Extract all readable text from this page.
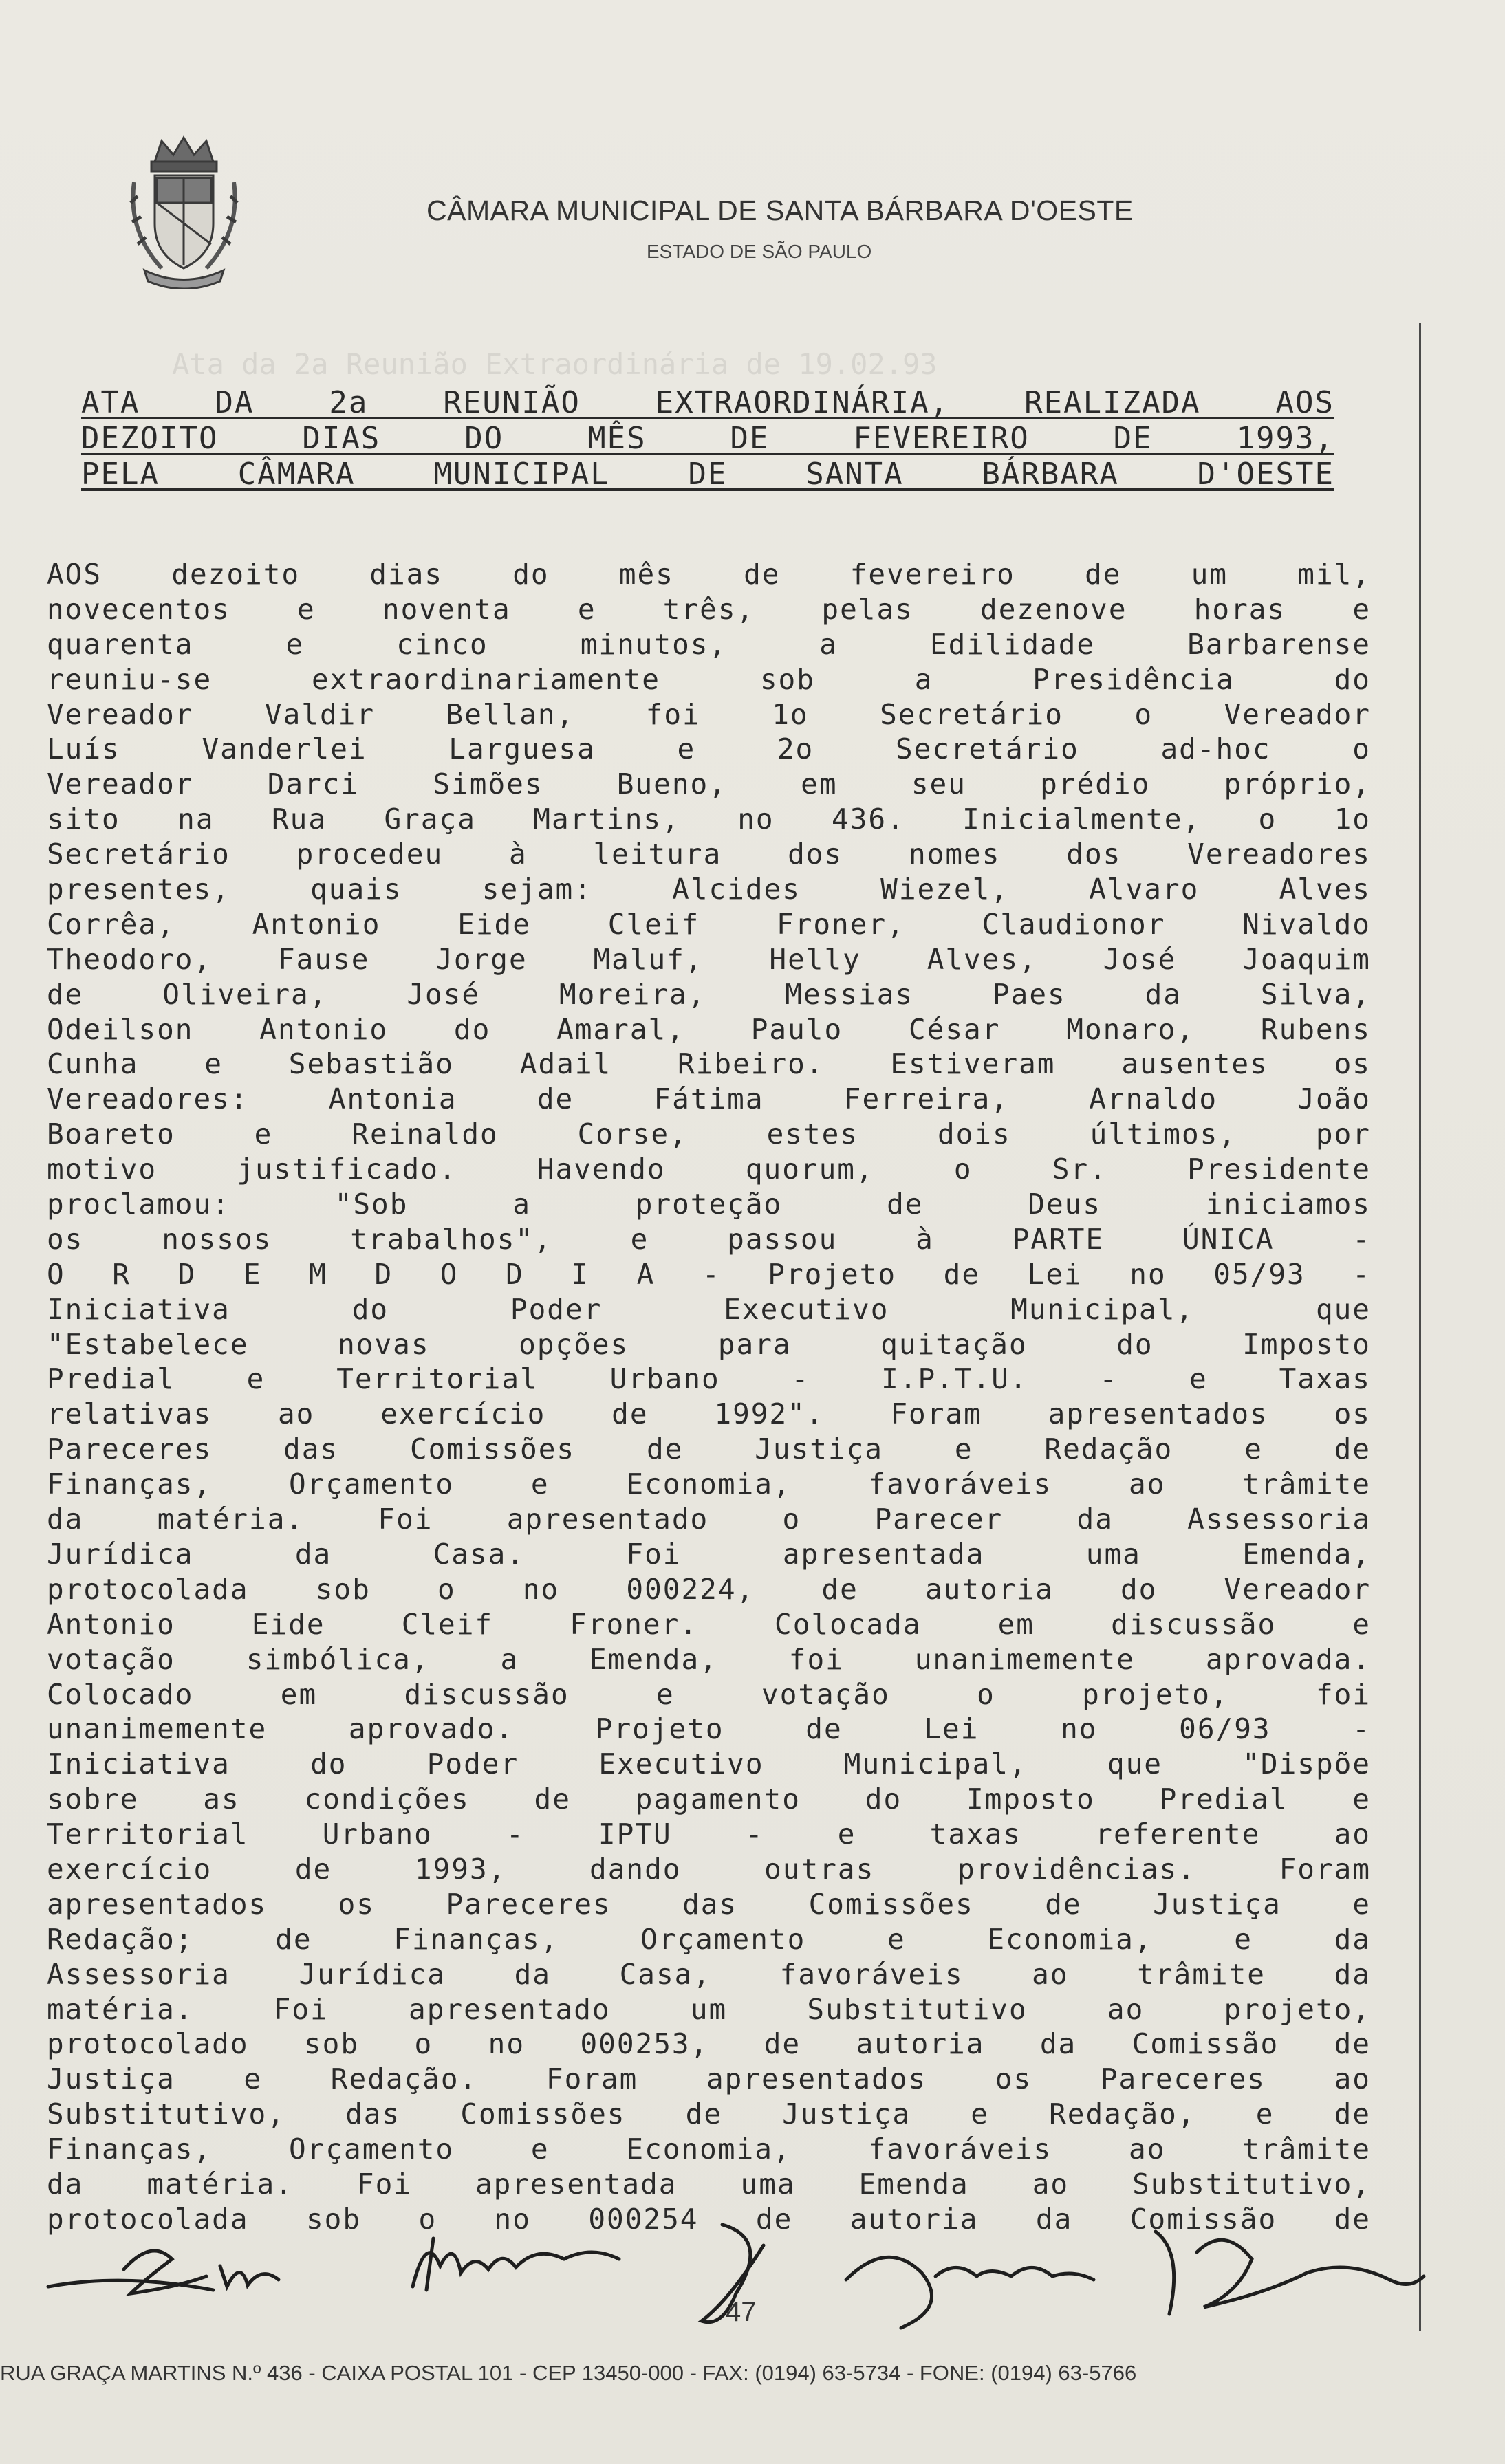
CÂMARA MUNICIPAL DE SANTA BÁRBARA D'OESTE
ESTADO DE SÃO PAULO
Ata da 2a Reunião Extraordinária de 19.02.93
ATA DA 2a REUNIÃO EXTRAORDINÁRIA, REALIZADA AOS
DEZOITO DIAS DO MÊS DE FEVEREIRO DE 1993,
PELA CÂMARA MUNICIPAL DE SANTA BÁRBARA D'OESTE
AOS dezoito dias do mês de fevereiro de um mil,
novecentos e noventa e três, pelas dezenove horas e
quarenta e cinco minutos, a Edilidade Barbarense
reuniu-se extraordinariamente sob a Presidência do
Vereador Valdir Bellan, foi 1o Secretário o Vereador
Luís Vanderlei Larguesa e 2o Secretário ad-hoc o
Vereador Darci Simões Bueno, em seu prédio próprio,
sito na Rua Graça Martins, no 436. Inicialmente, o 1o
Secretário procedeu à leitura dos nomes dos Vereadores
presentes, quais sejam: Alcides Wiezel, Alvaro Alves
Corrêa, Antonio Eide Cleif Froner, Claudionor Nivaldo
Theodoro, Fause Jorge Maluf, Helly Alves, José Joaquim
de Oliveira, José Moreira, Messias Paes da Silva,
Odeilson Antonio do Amaral, Paulo César Monaro, Rubens
Cunha e Sebastião Adail Ribeiro. Estiveram ausentes os
Vereadores: Antonia de Fátima Ferreira, Arnaldo João
Boareto e Reinaldo Corse, estes dois últimos, por
motivo justificado. Havendo quorum, o Sr. Presidente
proclamou: "Sob a proteção de Deus iniciamos
os nossos trabalhos", e passou à PARTE ÚNICA -
O R D E M D O D I A - Projeto de Lei no 05/93 -
Iniciativa do Poder Executivo Municipal, que
"Estabelece novas opções para quitação do Imposto
Predial e Territorial Urbano - I.P.T.U. - e Taxas
relativas ao exercício de 1992". Foram apresentados os
Pareceres das Comissões de Justiça e Redação e de
Finanças, Orçamento e Economia, favoráveis ao trâmite
da matéria. Foi apresentado o Parecer da Assessoria
Jurídica da Casa. Foi apresentada uma Emenda,
protocolada sob o no 000224, de autoria do Vereador
Antonio Eide Cleif Froner. Colocada em discussão e
votação simbólica, a Emenda, foi unanimemente aprovada.
Colocado em discussão e votação o projeto, foi
unanimemente aprovado. Projeto de Lei no 06/93 -
Iniciativa do Poder Executivo Municipal, que "Dispõe
sobre as condições de pagamento do Imposto Predial e
Territorial Urbano - IPTU - e taxas referente ao
exercício de 1993, dando outras providências. Foram
apresentados os Pareceres das Comissões de Justiça e
Redação; de Finanças, Orçamento e Economia, e da
Assessoria Jurídica da Casa, favoráveis ao trâmite da
matéria. Foi apresentado um Substitutivo ao projeto,
protocolado sob o no 000253, de autoria da Comissão de
Justiça e Redação. Foram apresentados os Pareceres ao
Substitutivo, das Comissões de Justiça e Redação, e de
Finanças, Orçamento e Economia, favoráveis ao trâmite
da matéria. Foi apresentada uma Emenda ao Substitutivo,
protocolada sob o no 000254 de autoria da Comissão de
47
RUA GRAÇA MARTINS N.º 436 - CAIXA POSTAL 101 - CEP 13450-000 - FAX: (0194) 63-5734 - FONE: (0194) 63-5766
